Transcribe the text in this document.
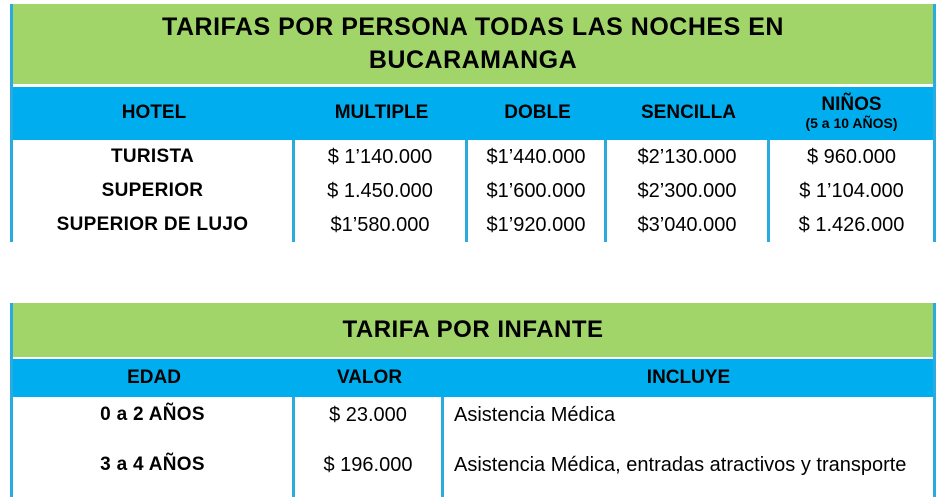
TARIFAS POR PERSONA TODAS LAS NOCHES EN
BUCARAMANGA
HOTEL	MULTIPLE	DOBLE	SENCILLA	NIÑOS
(5 a 10 AÑOS)
TURISTA	$ 1’140.000	$1’440.000	$2’130.000	$ 960.000
SUPERIOR	$ 1.450.000	$1’600.000	$2’300.000	$ 1’104.000
SUPERIOR DE LUJO	$1’580.000	$1’920.000	$3’040.000	$ 1.426.000
TARIFA POR INFANTE
EDAD	VALOR	INCLUYE
0 a 2 AÑOS	$ 23.000	Asistencia Médica
3 a 4 AÑOS	$ 196.000	Asistencia Médica, entradas atractivos y transporte
